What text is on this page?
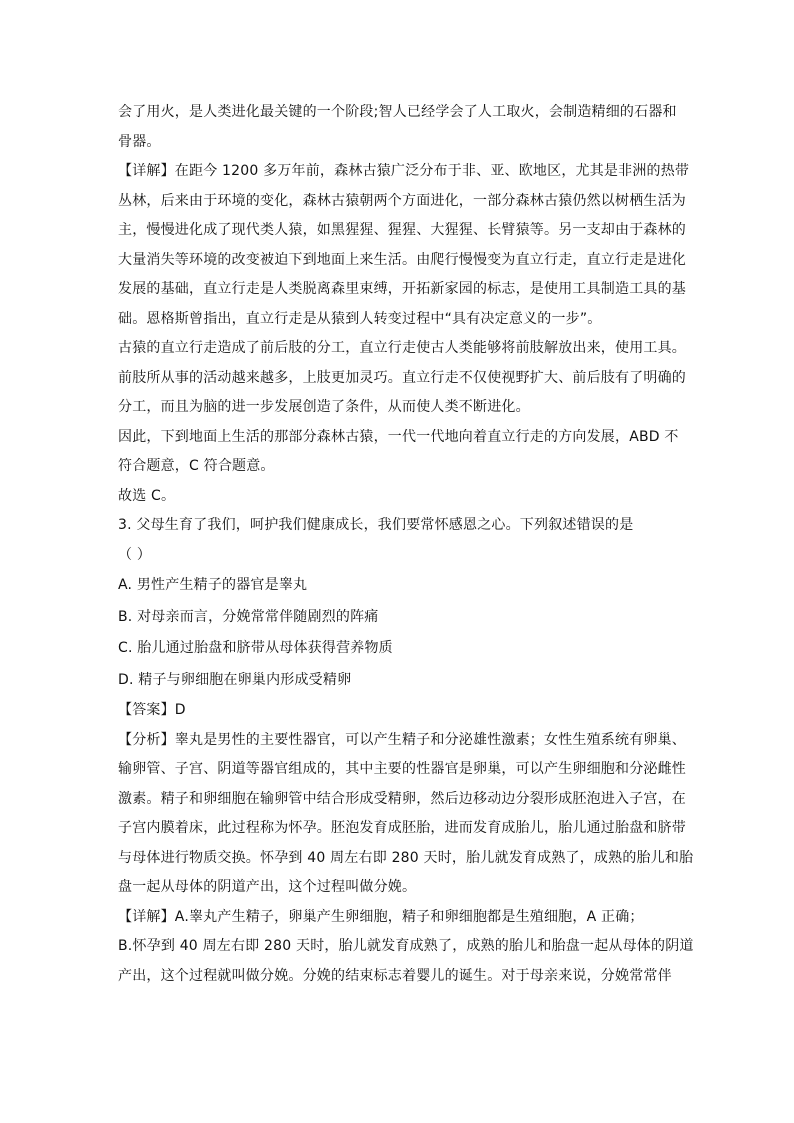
会了用火，是人类进化最关键的一个阶段;智人已经学会了人工取火，会制造精细的石器和
骨器。
【详解】在距今 1200 多万年前，森林古猿广泛分布于非、亚、欧地区，尤其是非洲的热带
丛林，后来由于环境的变化，森林古猿朝两个方面进化，一部分森林古猿仍然以树栖生活为
主，慢慢进化成了现代类人猿，如黑猩猩、猩猩、大猩猩、长臂猿等。另一支却由于森林的
大量消失等环境的改变被迫下到地面上来生活。由爬行慢慢变为直立行走，直立行走是进化
发展的基础，直立行走是人类脱离森里束缚，开拓新家园的标志，是使用工具制造工具的基
础。恩格斯曾指出，直立行走是从猿到人转变过程中“具有决定意义的一步”。
古猿的直立行走造成了前后肢的分工，直立行走使古人类能够将前肢解放出来，使用工具。
前肢所从事的活动越来越多，上肢更加灵巧。直立行走不仅使视野扩大、前后肢有了明确的
分工，而且为脑的进一步发展创造了条件，从而使人类不断进化。
因此，下到地面上生活的那部分森林古猿，一代一代地向着直立行走的方向发展，ABD 不
符合题意，C 符合题意。
故选 C。
3. 父母生育了我们，呵护我们健康成长，我们要常怀感恩之心。下列叙述错误的是
（ ）
A. 男性产生精子的器官是睾丸
B. 对母亲而言，分娩常常伴随剧烈的阵痛
C. 胎儿通过胎盘和脐带从母体获得营养物质
D. 精子与卵细胞在卵巢内形成受精卵
【答案】D
【分析】睾丸是男性的主要性器官，可以产生精子和分泌雄性激素；女性生殖系统有卵巢、
输卵管、子宫、阴道等器官组成的，其中主要的性器官是卵巢，可以产生卵细胞和分泌雌性
激素。精子和卵细胞在输卵管中结合形成受精卵，然后边移动边分裂形成胚泡进入子宫，在
子宫内膜着床，此过程称为怀孕。胚泡发育成胚胎，进而发育成胎儿，胎儿通过胎盘和脐带
与母体进行物质交换。怀孕到 40 周左右即 280 天时，胎儿就发育成熟了，成熟的胎儿和胎
盘一起从母体的阴道产出，这个过程叫做分娩。
【详解】A.睾丸产生精子，卵巢产生卵细胞，精子和卵细胞都是生殖细胞，A 正确；
B.怀孕到 40 周左右即 280 天时，胎儿就发育成熟了，成熟的胎儿和胎盘一起从母体的阴道
产出，这个过程就叫做分娩。分娩的结束标志着婴儿的诞生。对于母亲来说，分娩常常伴
